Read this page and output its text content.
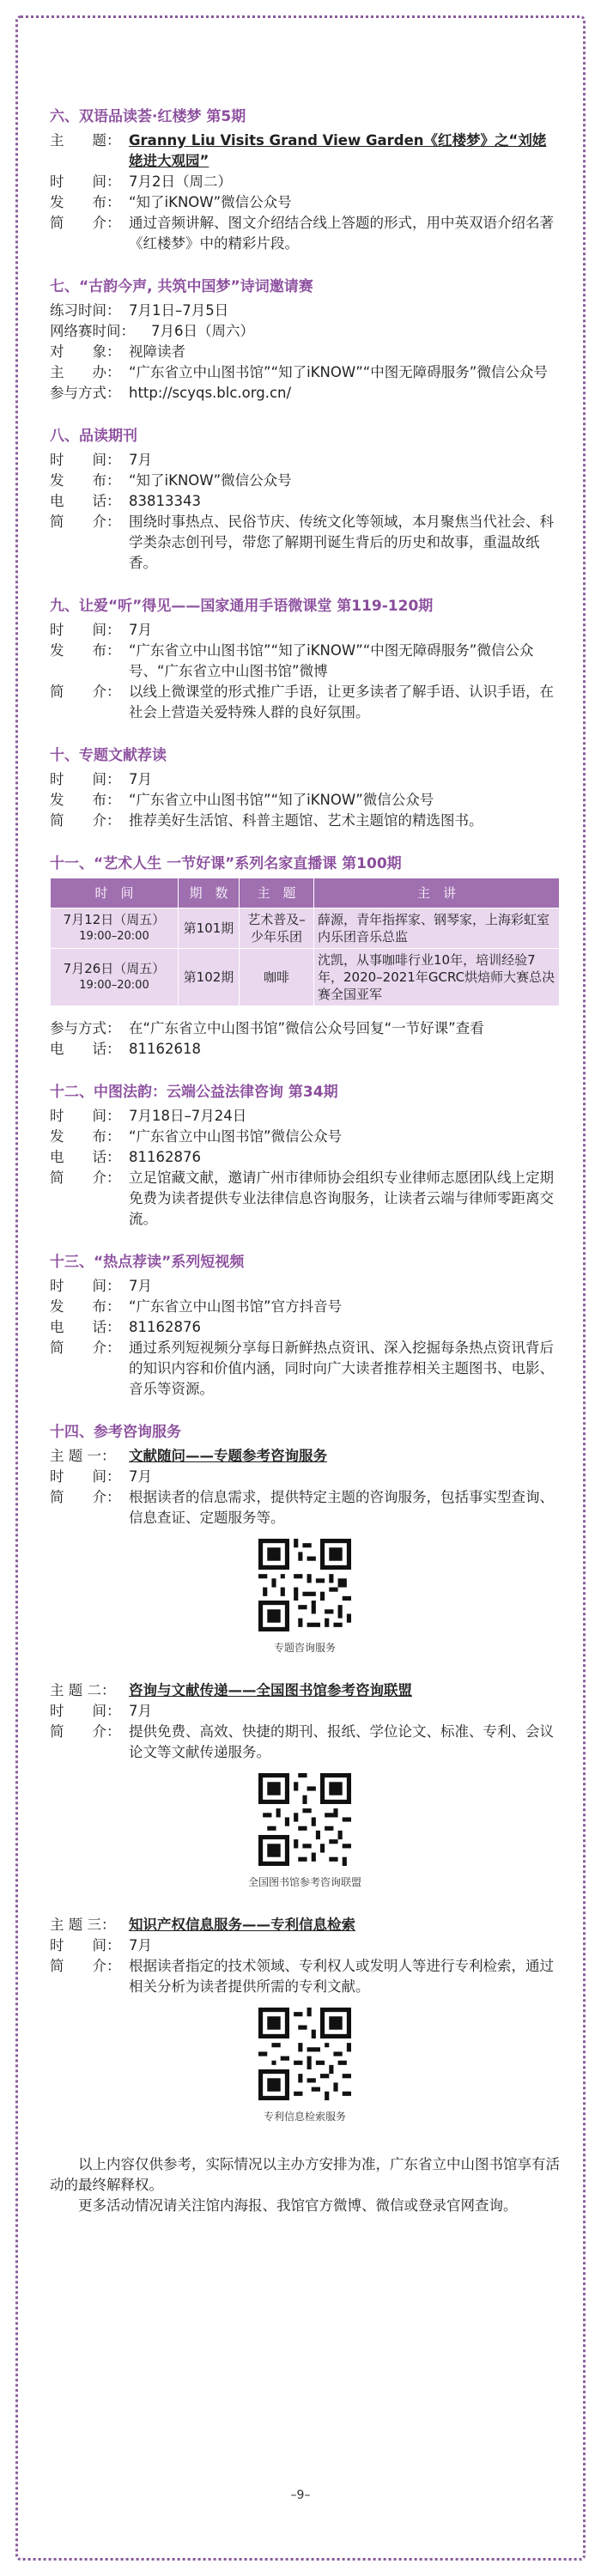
六、双语品读荟·红楼梦 第5期
主　　题： Granny Liu Visits Grand View Garden《红楼梦》之“刘姥姥进大观园”
时　　间： 7月2日（周二）
发　　布： “知了iKNOW”微信公众号
简　　介： 通过音频讲解、图文介绍结合线上答题的形式，用中英双语介绍名著《红楼梦》中的精彩片段。
七、“古韵今声, 共筑中国梦”诗词邀请赛
练习时间： 7月1日–7月5日
网络赛时间：	7月6日（周六）
对　　象： 视障读者
主　　办： “广东省立中山图书馆”“知了iKNOW”“中图无障碍服务”微信公众号
参与方式： http://scyqs.blc.org.cn/
八、品读期刊
时　　间： 7月
发　　布： “知了iKNOW”微信公众号
电　　话： 83813343
简　　介： 围绕时事热点、民俗节庆、传统文化等领域，本月聚焦当代社会、科学类杂志创刊号，带您了解期刊诞生背后的历史和故事，重温故纸香。
九、让爱“听”得见——国家通用手语微课堂 第119-120期
时　　间： 7月
发　　布： “广东省立中山图书馆”“知了iKNOW”“中图无障碍服务”微信公众号、“广东省立中山图书馆”微博
简　　介： 以线上微课堂的形式推广手语，让更多读者了解手语、认识手语，在社会上营造关爱特殊人群的良好氛围。
十、专题文献荐读
时　　间： 7月
发　　布： “广东省立中山图书馆”“知了iKNOW”微信公众号
简　　介： 推荐美好生活馆、科普主题馆、艺术主题馆的精选图书。
十一、“艺术人生 一节好课”系列名家直播课 第100期
时　间	期　数	主　题	主　讲

7月12日（周五）
19:00–20:00	第101期	艺术普及–少年乐团	薛源，青年指挥家、钢琴家，上海彩虹室内乐团音乐总监

7月26日（周五）
19:00–20:00	第102期	咖啡	沈凯，从事咖啡行业10年，培训经验7年，2020–2021年GCRC烘焙师大赛总决赛全国亚军
参与方式： 在“广东省立中山图书馆”微信公众号回复“一节好课”查看
电　　话： 81162618
十二、中图法韵：云端公益法律咨询 第34期
时　　间： 7月18日–7月24日
发　　布： “广东省立中山图书馆”微信公众号
电　　话： 81162876
简　　介： 立足馆藏文献，邀请广州市律师协会组织专业律师志愿团队线上定期免费为读者提供专业法律信息咨询服务，让读者云端与律师零距离交流。
十三、“热点荐读”系列短视频
时　　间： 7月
发　　布： “广东省立中山图书馆”官方抖音号
电　　话： 81162876
简　　介： 通过系列短视频分享每日新鲜热点资讯、深入挖掘每条热点资讯背后的知识内容和价值内涵，同时向广大读者推荐相关主题图书、电影、音乐等资源。
十四、参考咨询服务
主 题 一： 文献随问——专题参考咨询服务
时　　间： 7月
简　　介： 根据读者的信息需求，提供特定主题的咨询服务，包括事实型查询、信息查证、定题服务等。
专题咨询服务
主 题 二： 咨询与文献传递——全国图书馆参考咨询联盟
时　　间： 7月
简　　介： 提供免费、高效、快捷的期刊、报纸、学位论文、标准、专利、会议论文等文献传递服务。
全国图书馆参考咨询联盟
主 题 三： 知识产权信息服务——专利信息检索
时　　间： 7月
简　　介： 根据读者指定的技术领域、专利权人或发明人等进行专利检索，通过相关分析为读者提供所需的专利文献。
专利信息检索服务

以上内容仅供参考，实际情况以主办方安排为准，广东省立中山图书馆享有活动的最终解释权。

更多活动情况请关注馆内海报、我馆官方微博、微信或登录官网查询。

–9–
